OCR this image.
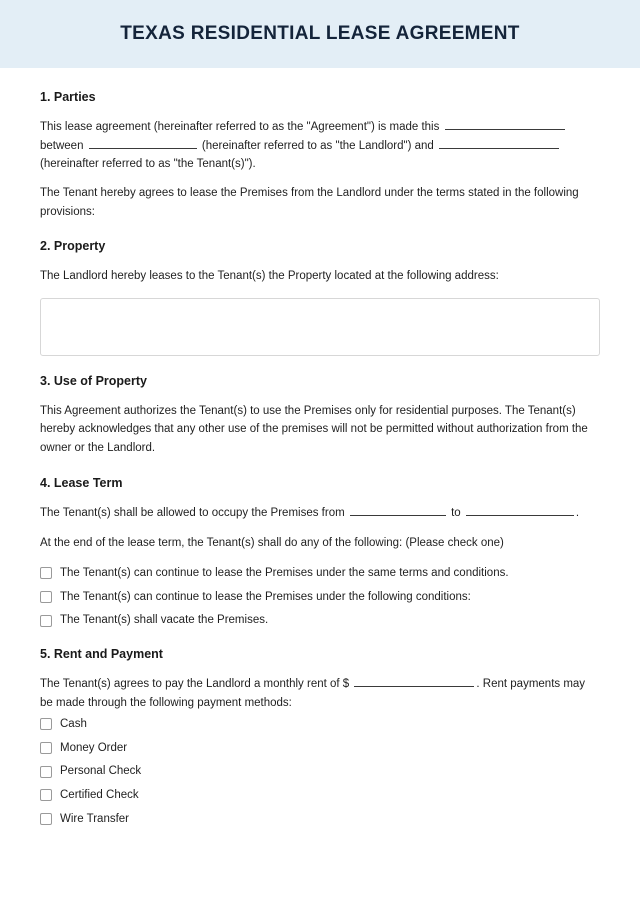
TEXAS RESIDENTIAL LEASE AGREEMENT
1. Parties

This lease agreement (hereinafter referred to as the "Agreement") is made this
between	(hereinafter referred to as "the Landlord") and
(hereinafter referred to as "the Tenant(s)").

The Tenant hereby agrees to lease the Premises from the Landlord under the terms stated in the following provisions:

2. Property

The Landlord hereby leases to the Tenant(s) the Property located at the following address:

3. Use of Property

This Agreement authorizes the Tenant(s) to use the Premises only for residential purposes. The Tenant(s) hereby acknowledges that any other use of the premises will not be permitted without authorization from the owner or the Landlord.

4. Lease Term

The Tenant(s) shall be allowed to occupy the Premises from	to	.

At the end of the lease term, the Tenant(s) shall do any of the following: (Please check one)

The Tenant(s) can continue to lease the Premises under the same terms and conditions.
The Tenant(s) can continue to lease the Premises under the following conditions:
The Tenant(s) shall vacate the Premises.
5. Rent and Payment

The Tenant(s) agrees to pay the Landlord a monthly rent of $	. Rent payments may be made through the following payment methods:

Cash
Money Order
Personal Check
Certified Check
Wire Transfer
